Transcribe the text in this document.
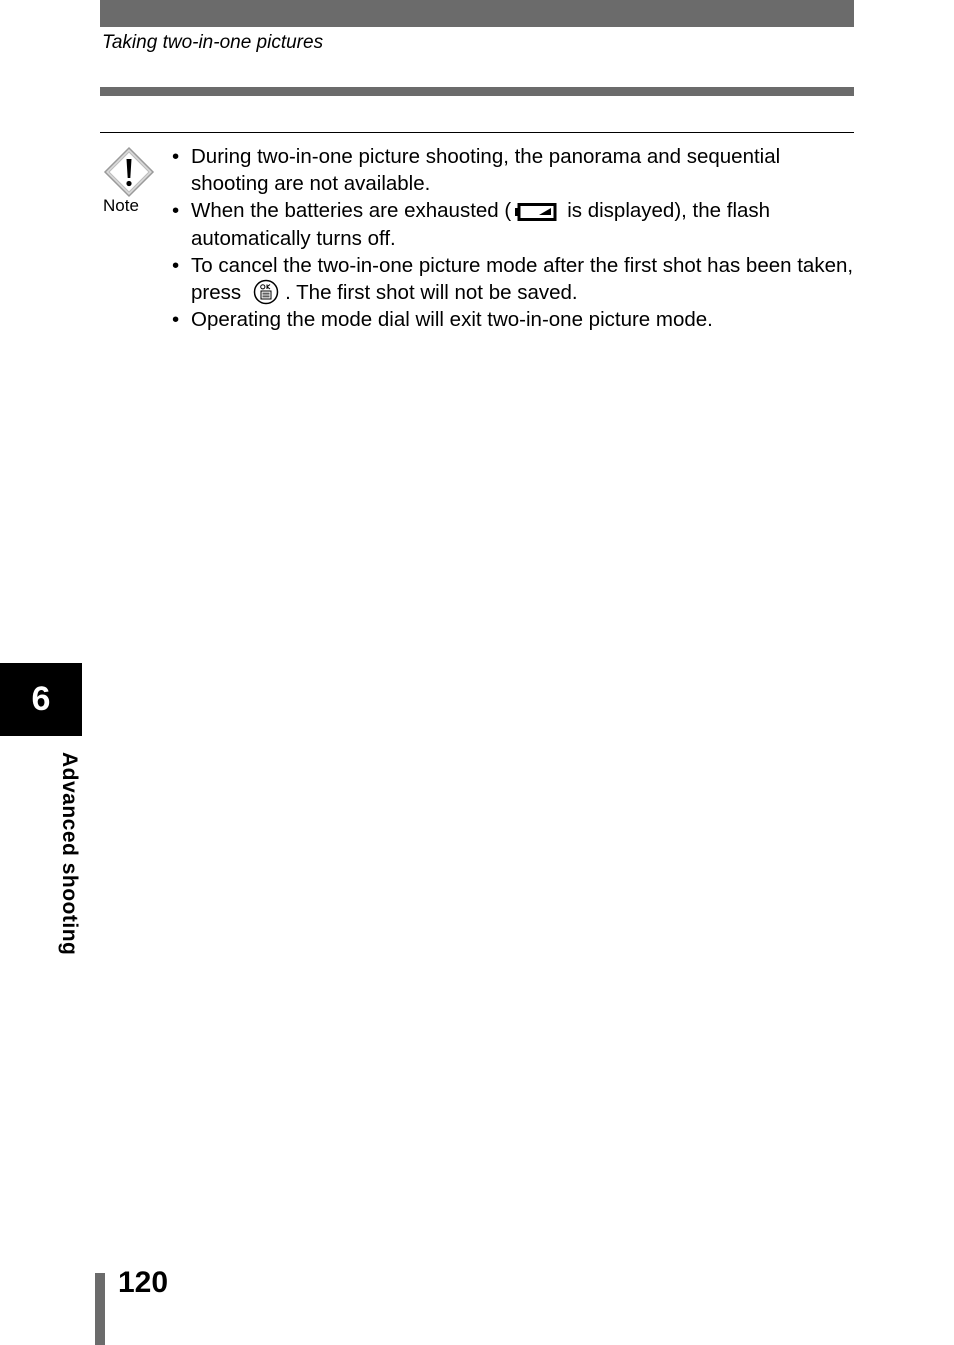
Taking two-in-one pictures
Note
• During two-in-one picture shooting, the panorama and sequential shooting are not available.
• When the batteries are exhausted (	is displayed), the flash automatically turns off.
• To cancel the two-in-one picture mode after the first shot has been taken, press . The first shot will not be saved.
• Operating the mode dial will exit two-in-one picture mode.
6
Advanced shooting
120
